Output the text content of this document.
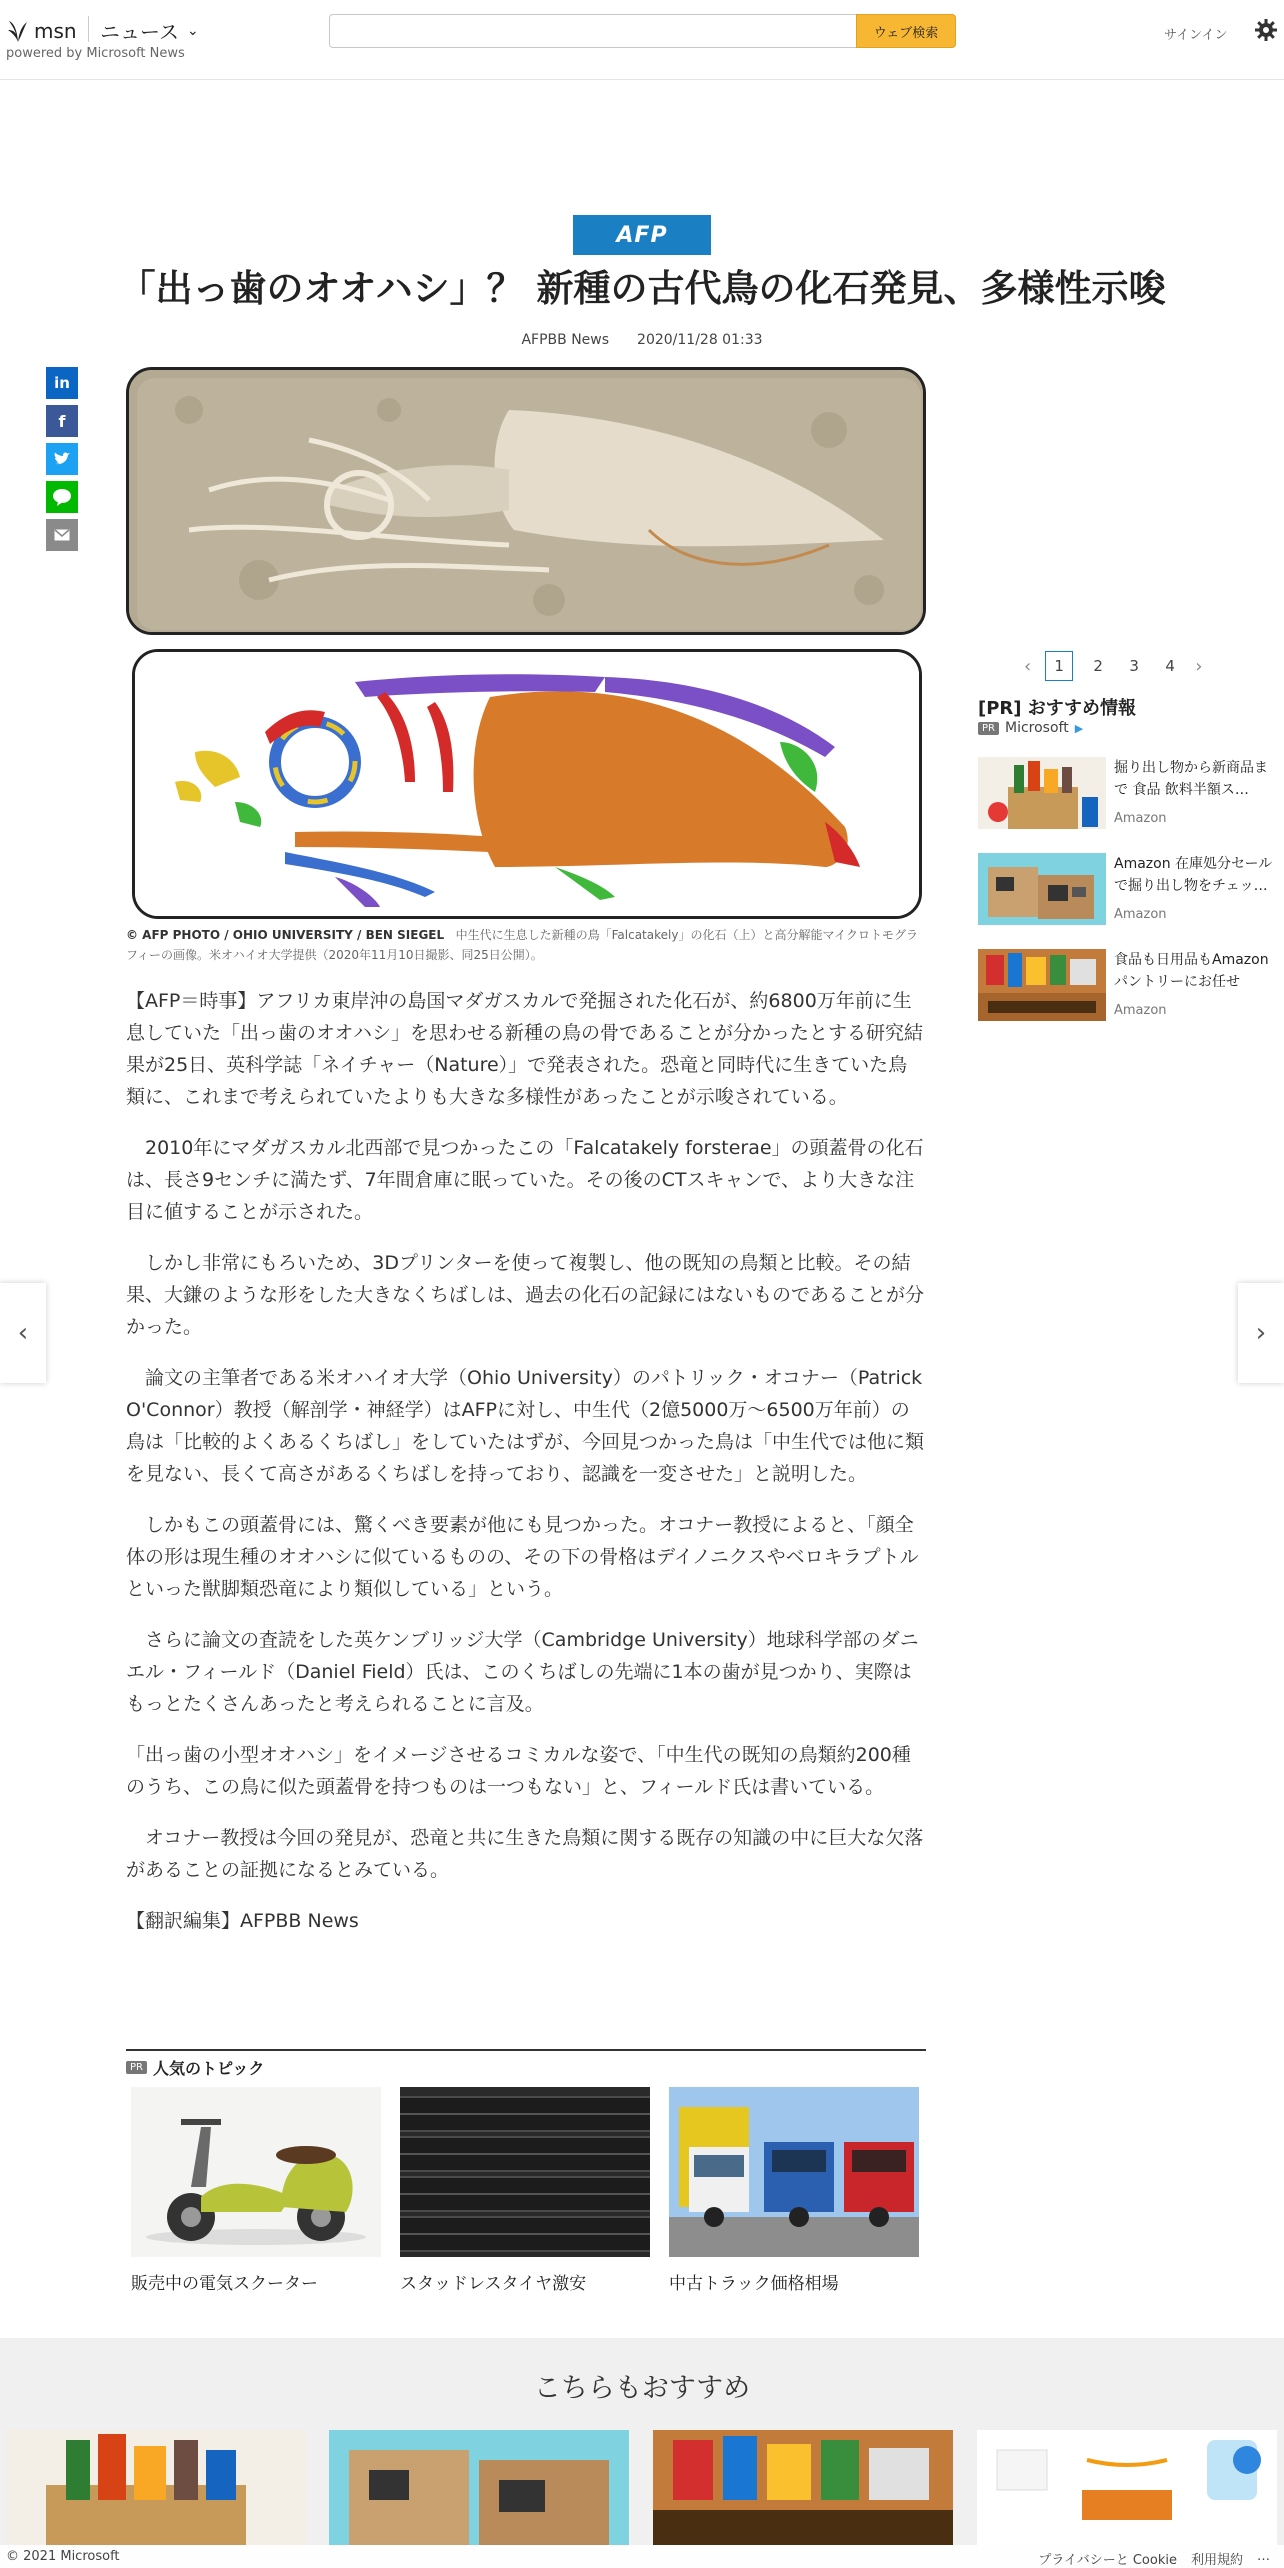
msn ニュース ⌄
powered by Microsoft News
ウェブ検索	サインイン
AFP
「出っ歯のオオハシ」？ 新種の古代鳥の化石発見、多様性示唆
AFPBB News 2020/11/28 01:33
in
f
© AFP PHOTO / OHIO UNIVERSITY / BEN SIEGEL 中生代に生息した新種の鳥「Falcatakely」の化石（上）と高分解能マイクロトモグラフィーの画像。米オハイオ大学提供（2020年11月10日撮影、同25日公開）。

【AFP＝時事】アフリカ東岸沖の島国マダガスカルで発掘された化石が、約6800万年前に生息していた「出っ歯のオオハシ」を思わせる新種の鳥の骨であることが分かったとする研究結果が25日、英科学誌「ネイチャー（Nature）」で発表された。恐竜と同時代に生きていた鳥類に、これまで考えられていたよりも大きな多様性があったことが示唆されている。

2010年にマダガスカル北西部で見つかったこの「Falcatakely forsterae」の頭蓋骨の化石は、長さ9センチに満たず、7年間倉庫に眠っていた。その後のCTスキャンで、より大きな注目に値することが示された。

しかし非常にもろいため、3Dプリンターを使って複製し、他の既知の鳥類と比較。その結果、大鎌のような形をした大きなくちばしは、過去の化石の記録にはないものであることが分かった。

論文の主筆者である米オハイオ大学（Ohio University）のパトリック・オコナー（Patrick O'Connor）教授（解剖学・神経学）はAFPに対し、中生代（2億5000万～6500万年前）の鳥は「比較的よくあるくちばし」をしていたはずが、今回見つかった鳥は「中生代では他に類を見ない、長くて高さがあるくちばしを持っており、認識を一変させた」と説明した。

しかもこの頭蓋骨には、驚くべき要素が他にも見つかった。オコナー教授によると、「顔全体の形は現生種のオオハシに似ているものの、その下の骨格はデイノニクスやベロキラプトルといった獣脚類恐竜により類似している」という。

さらに論文の査読をした英ケンブリッジ大学（Cambridge University）地球科学部のダニエル・フィールド（Daniel Field）氏は、このくちばしの先端に1本の歯が見つかり、実際はもっとたくさんあったと考えられることに言及。

「出っ歯の小型オオハシ」をイメージさせるコミカルな姿で、「中生代の既知の鳥類約200種のうち、この鳥に似た頭蓋骨を持つものは一つもない」と、フィールド氏は書いている。

オコナー教授は今回の発見が、恐竜と共に生きた鳥類に関する既存の知識の中に巨大な欠落があることの証拠になるとみている。

【翻訳編集】AFPBB News

PR 人気のトピック
販売中の電気スクーター	スタッドレスタイヤ激安	中古トラック価格相場
‹	1	2	3	4	›
[PR] おすすめ情報
PR Microsoft ▶
掘り出し物から新商品まで 食品 飲料半額ス…
Amazon
Amazon 在庫処分セールで掘り出し物をチェッ…
Amazon
食品も日用品もAmazon パントリーにお任せ
Amazon
‹	›
こちらもおすすめ
© 2021 Microsoft	プライバシーと Cookie 利用規約 …
